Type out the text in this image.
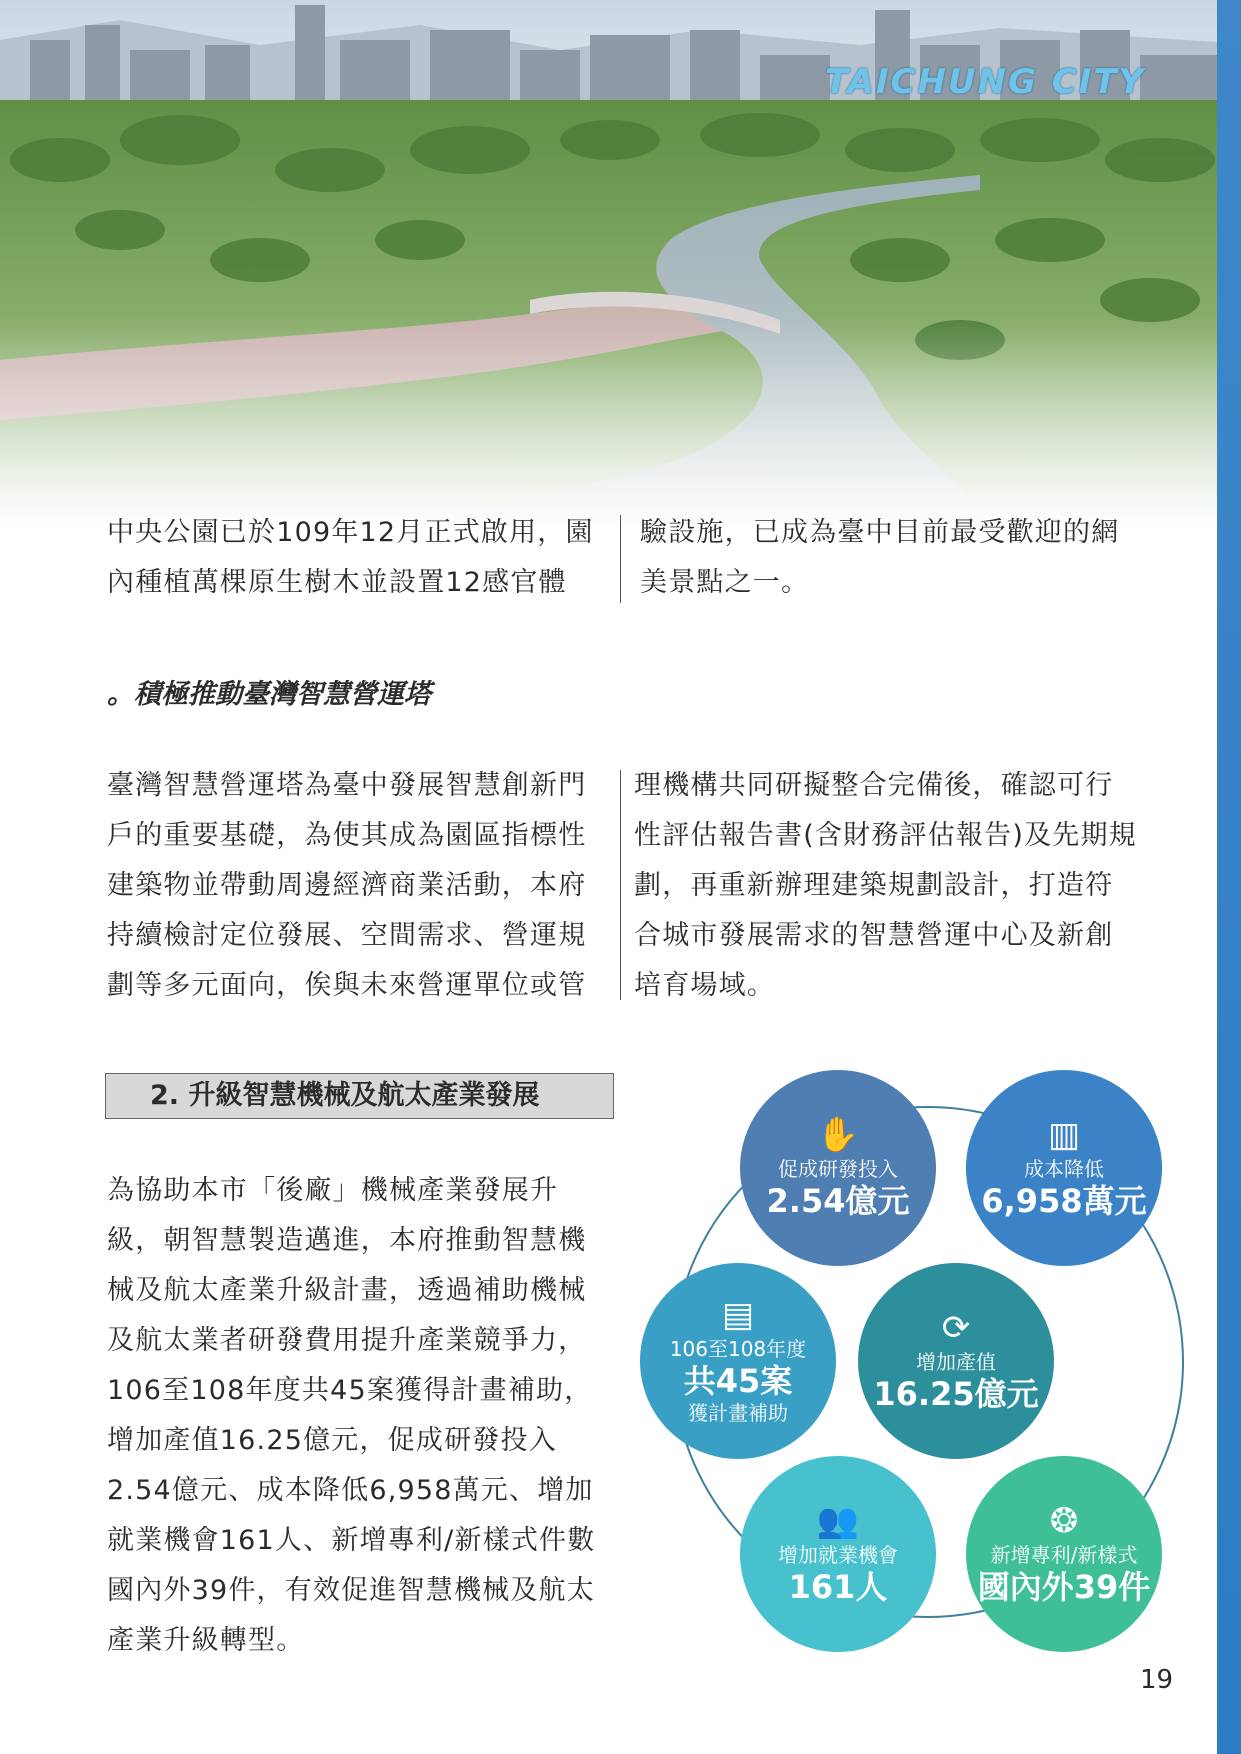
TAICHUNG CITY
中央公園已於109年12月正式啟用，園內種植萬棵原生樹木並設置12感官體
驗設施，已成為臺中目前最受歡迎的網美景點之一。
。積極推動臺灣智慧營運塔
臺灣智慧營運塔為臺中發展智慧創新門戶的重要基礎，為使其成為園區指標性建築物並帶動周邊經濟商業活動，本府持續檢討定位發展、空間需求、營運規劃等多元面向，俟與未來營運單位或管
理機構共同研擬整合完備後，確認可行性評估報告書(含財務評估報告)及先期規劃，再重新辦理建築規劃設計，打造符合城市發展需求的智慧營運中心及新創培育場域。
2. 升級智慧機械及航太產業發展
為協助本市「後廠」機械產業發展升級，朝智慧製造邁進，本府推動智慧機械及航太產業升級計畫，透過補助機械及航太業者研發費用提升產業競爭力，106至108年度共45案獲得計畫補助，增加產值16.25億元，促成研發投入2.54億元、成本降低6,958萬元、增加就業機會161人、新增專利/新樣式件數國內外39件，有效促進智慧機械及航太產業升級轉型。
✋
促成研發投入
2.54億元
▥
成本降低
6,958萬元
▤
106至108年度
共45案
獲計畫補助
⟳
增加產值
16.25億元
👥
增加就業機會
161人
❂
新增專利/新樣式
國內外39件
19
